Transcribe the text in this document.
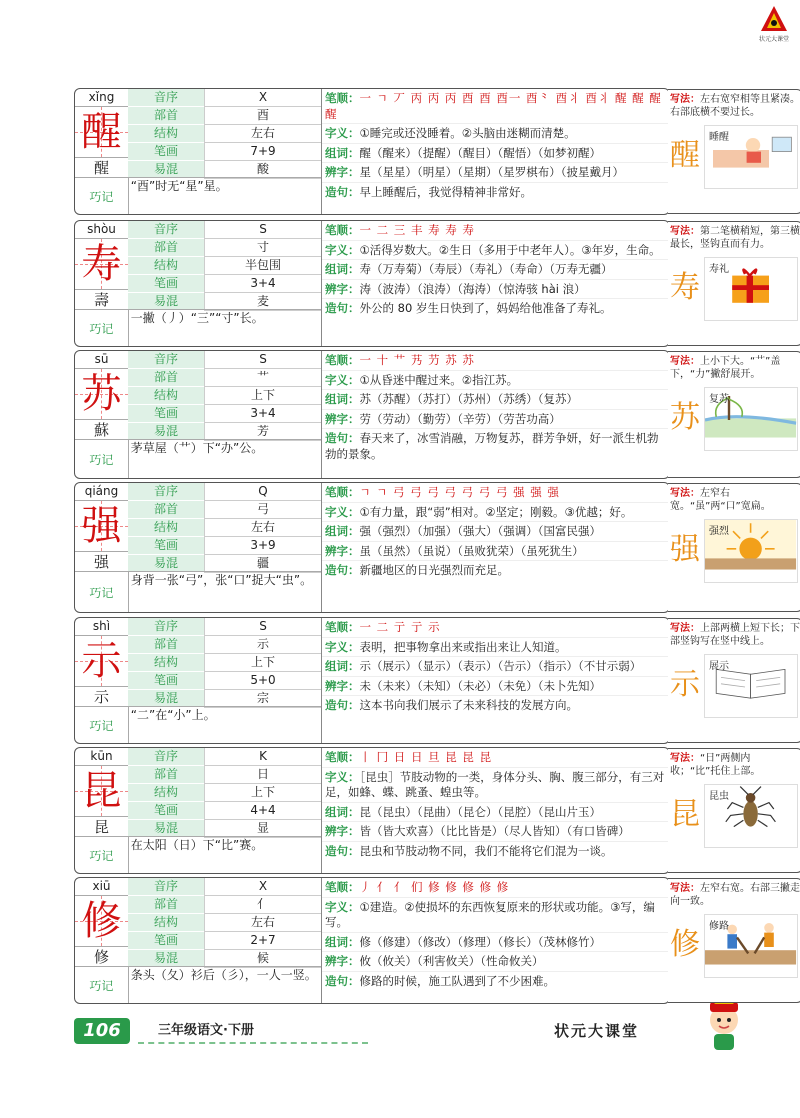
状元大课堂
xǐng
醒
醒
音序	X
部首	酉
结构	左右
笔画	7+9
易混	酸
巧记
“酉”时无“星”星。
笔顺：一 ㄱ 丆 丙 丙 丙 酉 酉 酉⼀ 酉⺀ 酉⺦ 酉⺦ 醒 醒 醒 醒
字义：①睡完或还没睡着。②头脑由迷糊而清楚。
组词：醒（醒来）（提醒）（醒目）（醒悟）（如梦初醒）
辨字：星（星星）（明星）（星期）（星罗棋布）（披星戴月）
造句：早上睡醒后，我觉得精神非常好。
shòu
寿
壽
音序	S
部首	寸
结构	半包围
笔画	3+4
易混	麦
巧记
一撇（丿）“三”“寸”长。
笔顺：一 二 三 丰 寿 寿 寿
字义：①活得岁数大。②生日（多用于中老年人）。③年岁，生命。
组词：寿（万寿菊）（寿辰）（寿礼）（寿命）（万寿无疆）
辨字：涛（波涛）（浪涛）（海涛）（惊涛骇 hài 浪）
造句：外公的 80 岁生日快到了，妈妈给他准备了寿礼。
sū
苏
蘇
音序	S
部首	艹
结构	上下
笔画	3+4
易混	芳
巧记
茅草屋（艹）下“办”公。
笔顺：一 十 艹 艿 芀 苏 苏
字义：①从昏迷中醒过来。②指江苏。
组词：苏（苏醒）（苏打）（苏州）（苏绣）（复苏）
辨字：劳（劳动）（勤劳）（辛劳）（劳苦功高）
造句：春天来了，冰雪消融，万物复苏，群芳争妍，好一派生机勃勃的景象。
qiáng
强
强
音序	Q
部首	弓
结构	左右
笔画	3+9
易混	疆
巧记
身背一张“弓”，张“口”捉大“虫”。
笔顺：ㄱ ㄱ 弓 弓 弓 弓 弓 弓 弓 强 强 强
字义：①有力量，跟“弱”相对。②坚定；刚毅。③优越；好。
组词：强（强烈）（加强）（强大）（强调）（国富民强）
辨字：虽（虽然）（虽说）（虽败犹荣）（虽死犹生）
造句：新疆地区的日光强烈而充足。
shì
示
示
音序	S
部首	示
结构	上下
笔画	5+0
易混	宗
巧记
“二”在“小”上。
笔顺：一 二 亍 亍 示
字义：表明，把事物拿出来或指出来让人知道。
组词：示（展示）（显示）（表示）（告示）（指示）（不甘示弱）
辨字：未（未来）（未知）（未必）（未免）（未卜先知）
造句：这本书向我们展示了未来科技的发展方向。
kūn
昆
昆
音序	K
部首	日
结构	上下
笔画	4+4
易混	显
巧记
在太阳（日）下“比”赛。
笔顺：丨 冂 日 日 旦 昆 昆 昆
字义：［昆虫］节肢动物的一类，身体分头、胸、腹三部分，有三对足，如蜂、蝶、跳蚤、蝗虫等。
组词：昆（昆虫）（昆曲）（昆仑）（昆腔）（昆山片玉）
辨字：皆（皆大欢喜）（比比皆是）（尽人皆知）（有口皆碑）
造句：昆虫和节肢动物不同，我们不能将它们混为一谈。
xiū
修
修
音序	X
部首	亻
结构	左右
笔画	2+7
易混	候
巧记
条头（夂）衫后（彡），一人一竖。
笔顺：丿 亻 亻 们 修 修 修 修 修
字义：①建造。②使损坏的东西恢复原来的形状或功能。③写，编写。
组词：修（修建）（修改）（修理）（修长）（茂林修竹）
辨字：攸（攸关）（利害攸关）（性命攸关）
造句：修路的时候，施工队遇到了不少困难。
106	三年级语文·下册	状元大课堂
写法：左右宽窄相等且紧凑。右部底横不要过长。
醒
睡醒
写法：第二笔横稍短，第三横最长，竖钩直而有力。
寿
寿礼
写法：上小下大。“艹”盖下，“力”撇舒展开。
苏
复苏
写法：左窄右宽。“虽”两“口”宽扁。
强
强烈
写法：上部两横上短下长；下部竖钩写在竖中线上。
示
展示
写法：“日”两侧内收；“比”托住上部。
昆
昆虫
写法：左窄右宽。右部三撇走向一致。
修
修路
